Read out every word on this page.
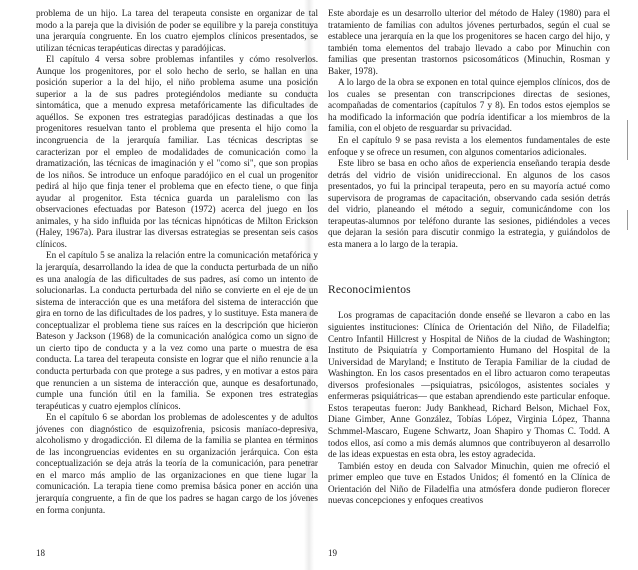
problema de un hijo. La tarea del terapeuta consiste en organizar de tal modo a la pareja que la división de poder se equilibre y la pareja constituya una jerarquía congruente. En los cuatro ejemplos clínicos presentados, se utilizan técnicas terapéuticas directas y paradójicas.

El capítulo 4 versa sobre problemas infantiles y cómo resolverlos. Aunque los progenitores, por el solo hecho de serlo, se hallan en una posición superior a la del hijo, el niño problema asume una posición superior a la de sus padres protegiéndolos mediante su conducta sintomática, que a menudo expresa metafóricamente las dificultades de aquéllos. Se exponen tres estrategias paradójicas destinadas a que los progenitores resuelvan tanto el problema que presenta el hijo como la incongruencia de la jerarquía familiar. Las técnicas descriptas se caracterizan por el empleo de modalidades de comunicación como la dramatización, las técnicas de imaginación y el "como si", que son propias de los niños. Se introduce un enfoque paradójico en el cual un progenitor pedirá al hijo que finja tener el problema que en efecto tiene, o que finja ayudar al progenitor. Esta técnica guarda un paralelismo con las observaciones efectuadas por Bateson (1972) acerca del juego en los animales, y ha sido influida por las técnicas hipnóticas de Milton Erickson (Haley, 1967a). Para ilustrar las diversas estrategias se presentan seis casos clínicos.

En el capítulo 5 se analiza la relación entre la comunicación metafórica y la jerarquía, desarrollando la idea de que la conducta perturbada de un niño es una analogía de las dificultades de sus padres, así como un intento de solucionarlas. La conducta perturbada del niño se convierte en el eje de un sistema de interacción que es una metáfora del sistema de interacción que gira en torno de las dificultades de los padres, y lo sustituye. Esta manera de conceptualizar el problema tiene sus raíces en la descripción que hicieron Bateson y Jackson (1968) de la comunicación analógica como un signo de un cierto tipo de conducta y a la vez como una parte o muestra de esa conducta. La tarea del terapeuta consiste en lograr que el niño renuncie a la conducta perturbada con que protege a sus padres, y en motivar a estos para que renuncien a un sistema de interacción que, aunque es desafortunado, cumple una función útil en la familia. Se exponen tres estrategias terapéuticas y cuatro ejemplos clínicos.

En el capítulo 6 se abordan los problemas de adolescentes y de adultos jóvenes con diagnóstico de esquizofrenia, psicosis maníaco-depresiva, alcoholismo y drogadicción. El dilema de la familia se plantea en términos de las incongruencias evidentes en su organización jerárquica. Con esta conceptualización se deja atrás la teoría de la comunicación, para penetrar en el marco más amplio de las organizaciones en que tiene lugar la comunicación. La terapia tiene como premisa básica poner en acción una jerarquía congruente, a fin de que los padres se hagan cargo de los jóvenes en forma conjunta.

Este abordaje es un desarrollo ulterior del método de Haley (1980) para el tratamiento de familias con adultos jóvenes perturbados, según el cual se establece una jerarquía en la que los progenitores se hacen cargo del hijo, y también toma elementos del trabajo llevado a cabo por Minuchin con familias que presentan trastornos psicosomáticos (Minuchin, Rosman y Baker, 1978).

A lo largo de la obra se exponen en total quince ejemplos clínicos, dos de los cuales se presentan con transcripciones directas de sesiones, acompañadas de comentarios (capítulos 7 y 8). En todos estos ejemplos se ha modificado la información que podría identificar a los miembros de la familia, con el objeto de resguardar su privacidad.

En el capítulo 9 se pasa revista a los elementos fundamentales de este enfoque y se ofrece un resumen, con algunos comentarios adicionales.

Este libro se basa en ocho años de experiencia enseñando terapia desde detrás del vidrio de visión unidireccional. En algunos de los casos presentados, yo fui la principal terapeuta, pero en su mayoría actué como supervisora de programas de capacitación, observando cada sesión detrás del vidrio, planeando el método a seguir, comunicándome con los terapeutas-alumnos por teléfono durante las sesiones, pidiéndoles a veces que dejaran la sesión para discutir conmigo la estrategia, y guiándolos de esta manera a lo largo de la terapia.

Reconocimientos

Los programas de capacitación donde enseñé se llevaron a cabo en las siguientes instituciones: Clínica de Orientación del Niño, de Filadelfia; Centro Infantil Hillcrest y Hospital de Niños de la ciudad de Washington; Instituto de Psiquiatría y Comportamiento Humano del Hospital de la Universidad de Maryland; e Instituto de Terapia Familiar de la ciudad de Washington. En los casos presentados en el libro actuaron como terapeutas diversos profesionales —psiquiatras, psicólogos, asistentes sociales y enfermeras psiquiátricas— que estaban aprendiendo este particular enfoque. Estos terapeutas fueron: Judy Bankhead, Richard Belson, Michael Fox, Diane Gimber, Anne González, Tobías López, Virginia López, Thanna Schmmel-Mascaro, Eugene Schwartz, Joan Shapiro y Thomas C. Todd. A todos ellos, así como a mis demás alumnos que contribuyeron al desarrollo de las ideas expuestas en esta obra, les estoy agradecida.

También estoy en deuda con Salvador Minuchin, quien me ofreció el primer empleo que tuve en Estados Unidos; él fomentó en la Clínica de Orientación del Niño de Filadelfia una atmósfera donde pudieron florecer nuevas concepciones y enfoques creativos

18	19
